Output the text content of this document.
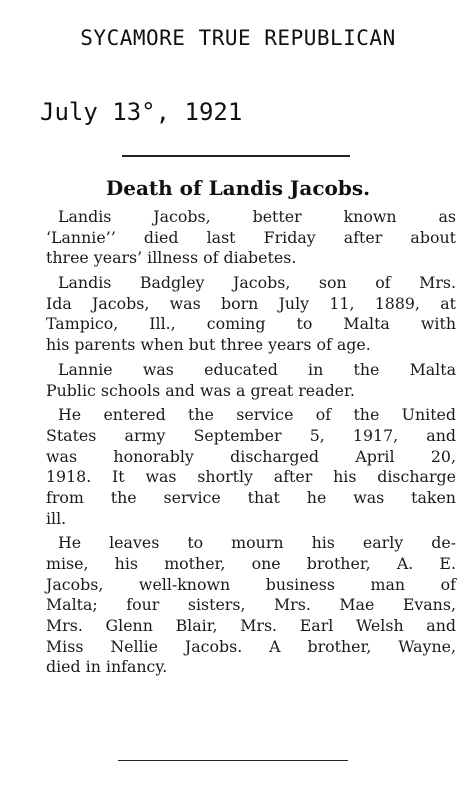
SYCAMORE TRUE REPUBLICAN
July 13°, 1921
Death of Landis Jacobs.
Landis Jacobs, better known as
‘Lannie’’ died last Friday after about
three years’ illness of diabetes.
Landis Badgley Jacobs, son of Mrs.
Ida Jacobs, was born July 11, 1889, at
Tampico, Ill., coming to Malta with
his parents when but three years of age.
Lannie was educated in the Malta
Public schools and was a great reader.
He entered the service of the United
States army September 5, 1917, and
was honorably discharged April 20,
1918. It was shortly after his discharge
from the service that he was taken
ill.
He leaves to mourn his early de-
mise, his mother, one brother, A. E.
Jacobs, well-known business man of
Malta; four sisters, Mrs. Mae Evans,
Mrs. Glenn Blair, Mrs. Earl Welsh and
Miss Nellie Jacobs. A brother, Wayne,
died in infancy.
